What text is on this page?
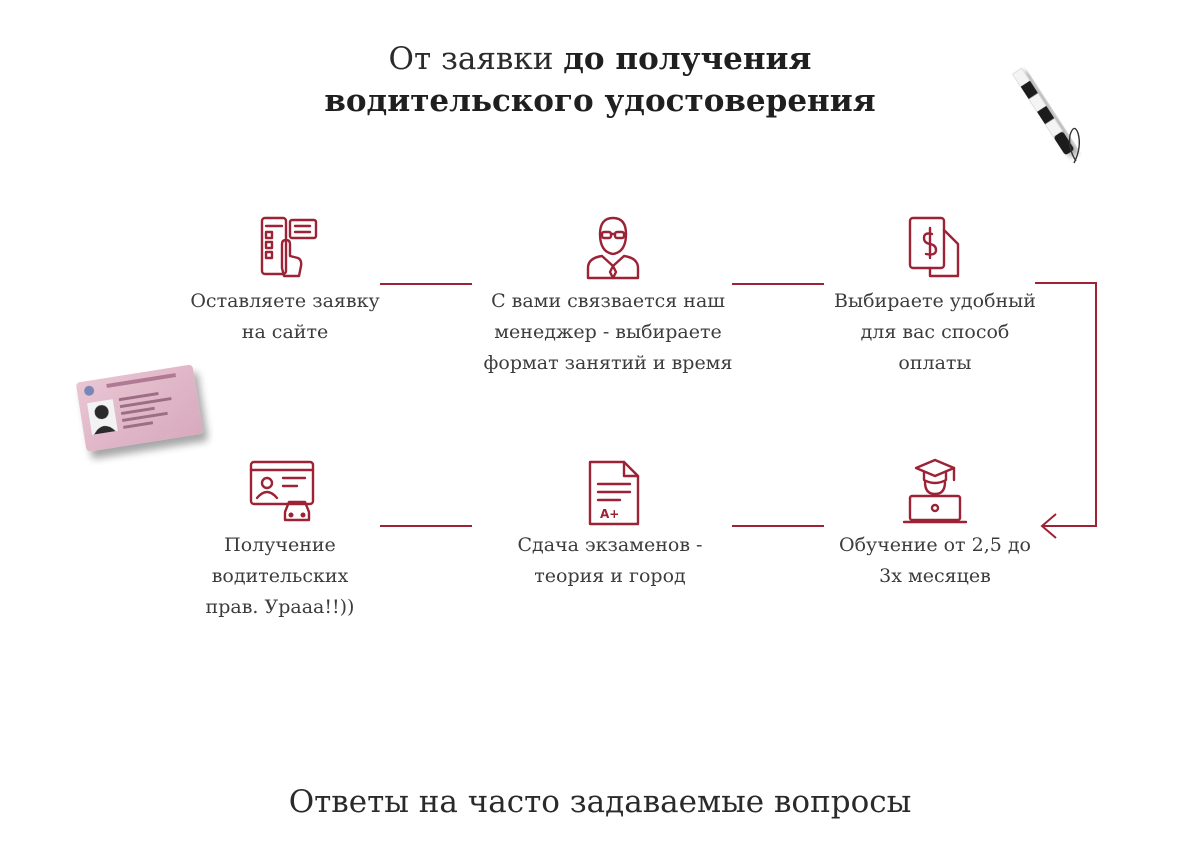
От заявки до получения
водительского удостоверения
Оставляете заявку на сайте
С вами связвается наш менеджер - выбираете формат занятий и время
Выбираете удобный для вас способ оплаты
Получение водительских прав. Урааа!!))
A+
Сдача экзаменов - теория и город
Обучение от 2,5 до 3х месяцев
Ответы на часто задаваемые вопросы
